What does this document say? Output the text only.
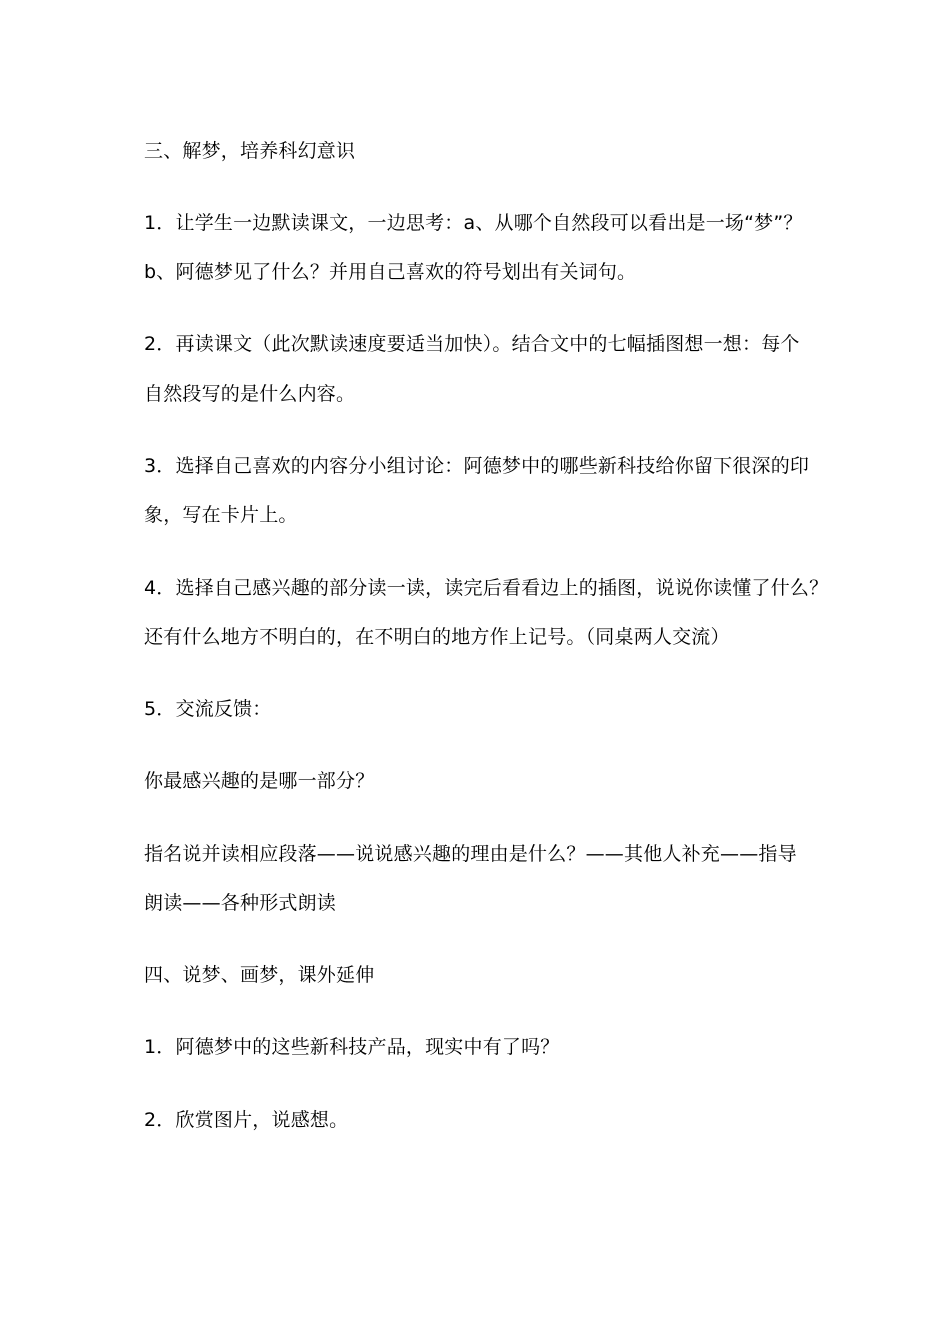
三、解梦，培养科幻意识
1．让学生一边默读课文，一边思考：a、从哪个自然段可以看出是一场“梦”？
b、阿德梦见了什么？并用自己喜欢的符号划出有关词句。
2．再读课文（此次默读速度要适当加快）。结合文中的七幅插图想一想：每个
自然段写的是什么内容。
3．选择自己喜欢的内容分小组讨论：阿德梦中的哪些新科技给你留下很深的印
象，写在卡片上。
4．选择自己感兴趣的部分读一读，读完后看看边上的插图，说说你读懂了什么？
还有什么地方不明白的，在不明白的地方作上记号。（同桌两人交流）
5．交流反馈：
你最感兴趣的是哪一部分？
指名说并读相应段落——说说感兴趣的理由是什么？——其他人补充——指导
朗读——各种形式朗读
四、说梦、画梦，课外延伸
1．阿德梦中的这些新科技产品，现实中有了吗？
2．欣赏图片，说感想。
